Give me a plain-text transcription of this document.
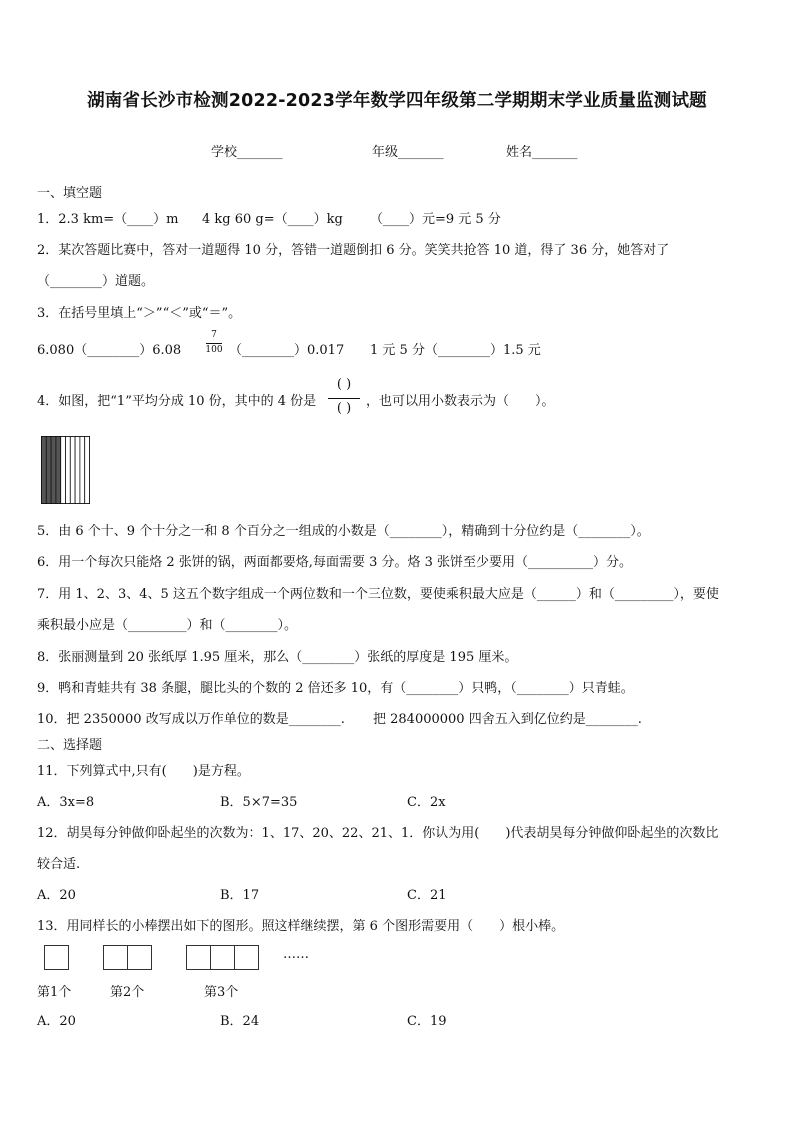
湖南省长沙市检测2022-2023学年数学四年级第二学期期末学业质量监测试题
学校_______	年级_______	姓名_______
一、填空题
1．2.3 km=（____）m 4 kg 60 g=（____）kg （____）元=9 元 5 分
2．某次答题比赛中，答对一道题得 10 分，答错一道题倒扣 6 分。笑笑共抢答 10 道，得了 36 分，她答对了
（________）道题。
3．在括号里填上“＞”“＜”或“＝”。
6.080（________）6.08
7
100 （________）0.017 1 元 5 分（________）1.5 元
4．如图，把“1”平均分成 10 份，其中的 4 份是
( )
( )	，也可以用小数表示为（　　）。
5．由 6 个十、9 个十分之一和 8 个百分之一组成的小数是（________），精确到十分位约是（________）。
6．用一个每次只能烙 2 张饼的锅，两面都要烙,每面需要 3 分。烙 3 张饼至少要用（__________）分。
7．用 1、2、3、4、5 这五个数字组成一个两位数和一个三位数，要使乘积最大应是（______）和（_________），要使
乘积最小应是（_________）和（________）。
8．张丽测量到 20 张纸厚 1.95 厘米，那么（________）张纸的厚度是 195 厘米。
9．鸭和青蛙共有 38 条腿，腿比头的个数的 2 倍还多 10，有（________）只鸭，（________）只青蛙。
10．把 2350000 改写成以万作单位的数是________. 把 284000000 四舍五入到亿位约是________.
二、选择题
11．下列算式中,只有(　　)是方程。
A．3x=8	B．5×7=35	C．2x
12．胡昊每分钟做仰卧起坐的次数为：1、17、20、22、21、1．你认为用(　　)代表胡昊每分钟做仰卧起坐的次数比
较合适.
A．20	B．17	C．21
13．用同样长的小棒摆出如下的图形。照这样继续摆，第 6 个图形需要用（　　）根小棒。
……
第1个	第2个	第3个
A．20	B．24	C．19
